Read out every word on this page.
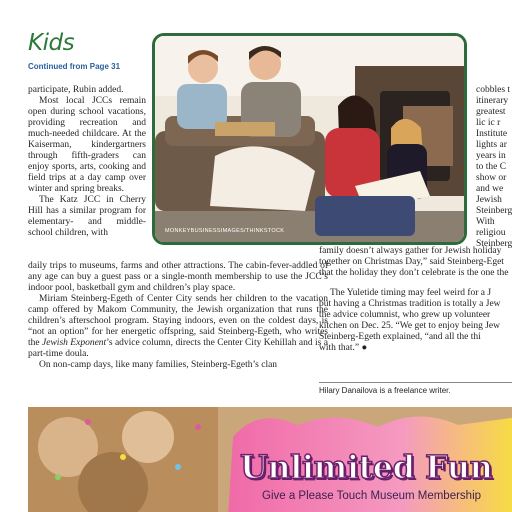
Kids
Continued from Page 31

participate, Rubin added.

Most local JCCs remain open during school vacations, providing recreation and much-needed childcare. At the Kaiserman, kindergartners through fifth-graders can enjoy sports, arts, cooking and field trips at a day camp over winter and spring breaks.

The Katz JCC in Cherry Hill has a similar program for elementary- and middle-school children, with	MONKEYBUSINESSIMAGES/THINKSTOCK
cobbles t
itinerary
greatest
lic ic r
Institute
lights ar
years in
to the C
show or
and we
Jewish
Steinberg
With
religiou
Steinberg

family doesn’t always gather for Jewish holiday

together on Christmas Day,” said Steinberg-Eget

that the holiday they don’t celebrate is the one the

The Yuletide timing may feel weird for a J

but having a Christmas tradition is totally a Jew

the advice columnist, who grew up volunteer

kitchen on Dec. 25. “We get to enjoy being Jew

Steinberg-Egeth explained, “and all the thi

with that.” ●

daily trips to museums, farms and other attractions. The cabin-fever-addled of any age can buy a guest pass or a single-month membership to use the JCC’s indoor pool, basketball gym and children’s play space.

Miriam Steinberg-Egeth of Center City sends her children to the vacation camp offered by Makom Community, the Jewish organization that runs the children’s afterschool program. Staying indoors, even on the coldest days, is “not an option” for her energetic offspring, said Steinberg-Egeth, who writes the Jewish Exponent’s advice column, directs the Center City Kehillah and is a part-time doula.

On non-camp days, like many families, Steinberg-Egeth’s clan

Hilary Danailova is a freelance writer.
Unlimited Fun
Give a Please Touch Museum Membership
